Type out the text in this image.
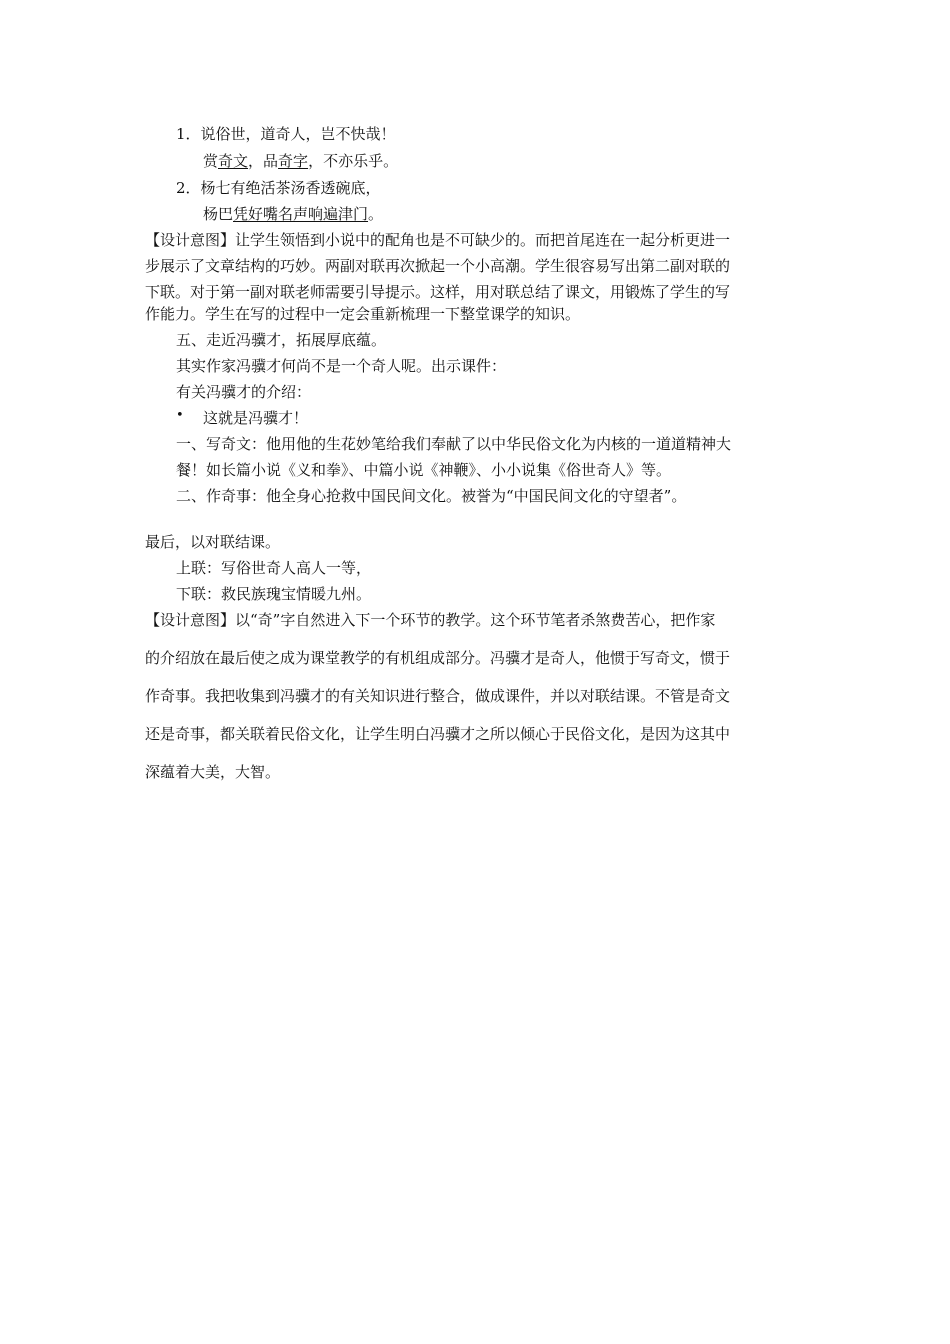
1．说俗世，道奇人，岂不快哉！
赏奇文，品奇字，不亦乐乎。
2．杨七有绝活茶汤香透碗底，
杨巴凭好嘴名声响遍津门。
【设计意图】让学生领悟到小说中的配角也是不可缺少的。而把首尾连在一起分析更进一
步展示了文章结构的巧妙。两副对联再次掀起一个小高潮。学生很容易写出第二副对联的
下联。对于第一副对联老师需要引导提示。这样，用对联总结了课文，用锻炼了学生的写
作能力。学生在写的过程中一定会重新梳理一下整堂课学的知识。
五、走近冯骥才，拓展厚底蕴。
其实作家冯骥才何尚不是一个奇人呢。出示课件：
有关冯骥才的介绍：
• 这就是冯骥才！
一、写奇文：他用他的生花妙笔给我们奉献了以中华民俗文化为内核的一道道精神大
餐！如长篇小说《义和拳》、中篇小说《神鞭》、小小说集《俗世奇人》等。
二、作奇事：他全身心抢救中国民间文化。被誉为“中国民间文化的守望者”。
最后，以对联结课。
上联：写俗世奇人高人一等，
下联：救民族瑰宝情暖九州。
【设计意图】以“奇”字自然进入下一个环节的教学。这个环节笔者杀煞费苦心，把作家
的介绍放在最后使之成为课堂教学的有机组成部分。冯骥才是奇人，他惯于写奇文，惯于
作奇事。我把收集到冯骥才的有关知识进行整合，做成课件，并以对联结课。不管是奇文
还是奇事，都关联着民俗文化，让学生明白冯骥才之所以倾心于民俗文化，是因为这其中
深蕴着大美，大智。
